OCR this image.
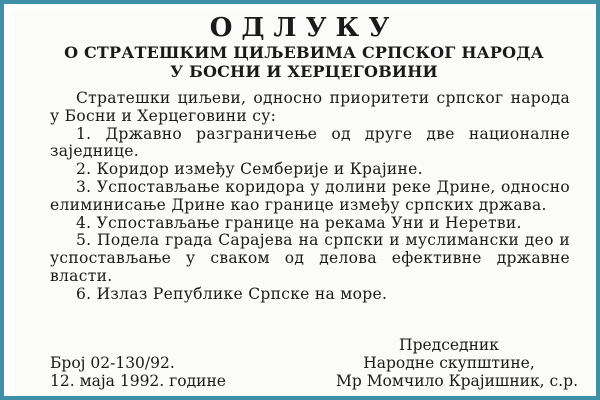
ОДЛУКУ
О СТРАТЕШКИМ ЦИЉЕВИМА СРПСКОГ НАРОДА
У БОСНИ И ХЕРЦЕГОВИНИ

Стратешки циљеви, односно приоритети српског народа у Босни и Херцеговини су:

1. Државно разграничење од друге две националне заједнице.

2. Коридор између Семберије и Крајине.

3. Успостављање коридора у долини реке Дрине, односно елиминисање Дрине као границе између српских држава.

4. Успостављање границе на рекама Уни и Неретви.

5. Подела града Сарајева на српски и муслимански део и успостављање у сваком од делова ефективне државне власти.

6. Излаз Републике Српске на море.

Број 02-130/92.
12. маја 1992. године
Председник
Народне скупштине,
Мр Момчило Крајишник, с.р.
